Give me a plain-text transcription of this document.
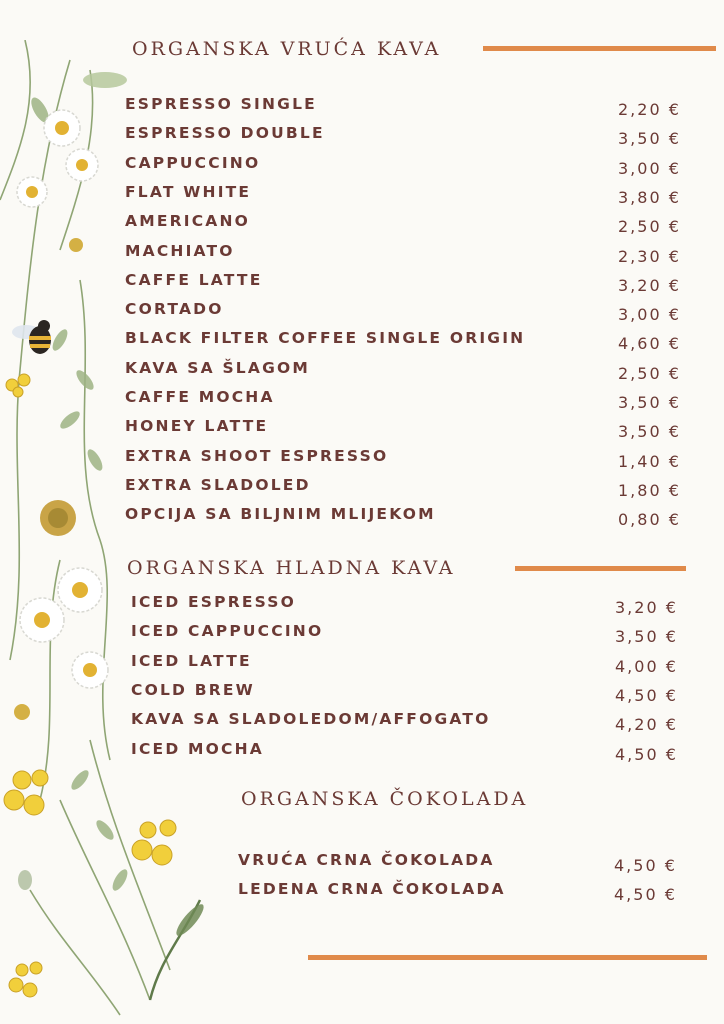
ORGANSKA VRUĆA KAVA
ESPRESSO SINGLE	2,20 €
ESPRESSO DOUBLE	3,50 €
CAPPUCCINO	3,00 €
FLAT WHITE	3,80 €
AMERICANO	2,50 €
MACHIATO	2,30 €
CAFFE LATTE	3,20 €
CORTADO	3,00 €
BLACK FILTER COFFEE SINGLE ORIGIN	4,60 €
KAVA SA ŠLAGOM	2,50 €
CAFFE MOCHA	3,50 €
HONEY LATTE	3,50 €
EXTRA SHOOT ESPRESSO	1,40 €
EXTRA SLADOLED	1,80 €
OPCIJA SA BILJNIM MLIJEKOM	0,80 €
ORGANSKA HLADNA KAVA
ICED ESPRESSO	3,20 €
ICED CAPPUCCINO	3,50 €
ICED LATTE	4,00 €
COLD BREW	4,50 €
KAVA SA SLADOLEDOM/AFFOGATO	4,20 €
ICED MOCHA	4,50 €
ORGANSKA ČOKOLADA
VRUĆA CRNA ČOKOLADA	4,50 €
LEDENA CRNA ČOKOLADA	4,50 €
